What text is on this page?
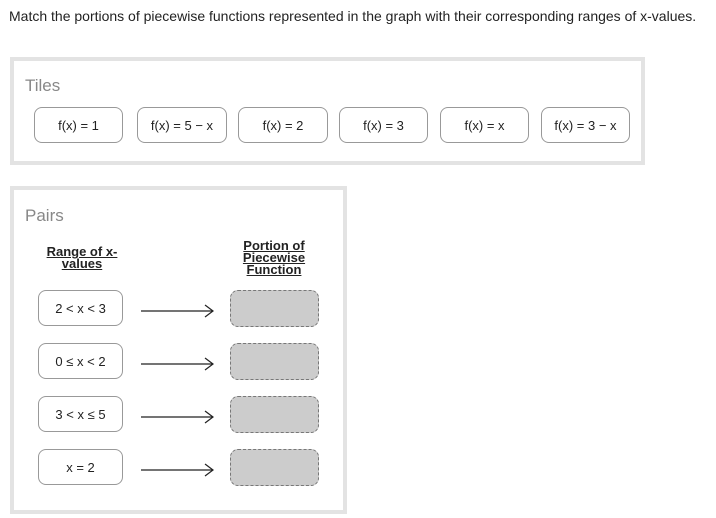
Match the portions of piecewise functions represented in the graph with their corresponding ranges of x-values.
Tiles
f(x) = 1	f(x) = 5 − x	f(x) = 2	f(x) = 3	f(x) = x	f(x) = 3 − x
Pairs
Range of x-values
Portion of Piecewise Function
2 < x < 3
0 ≤ x < 2
3 < x ≤ 5
x = 2
